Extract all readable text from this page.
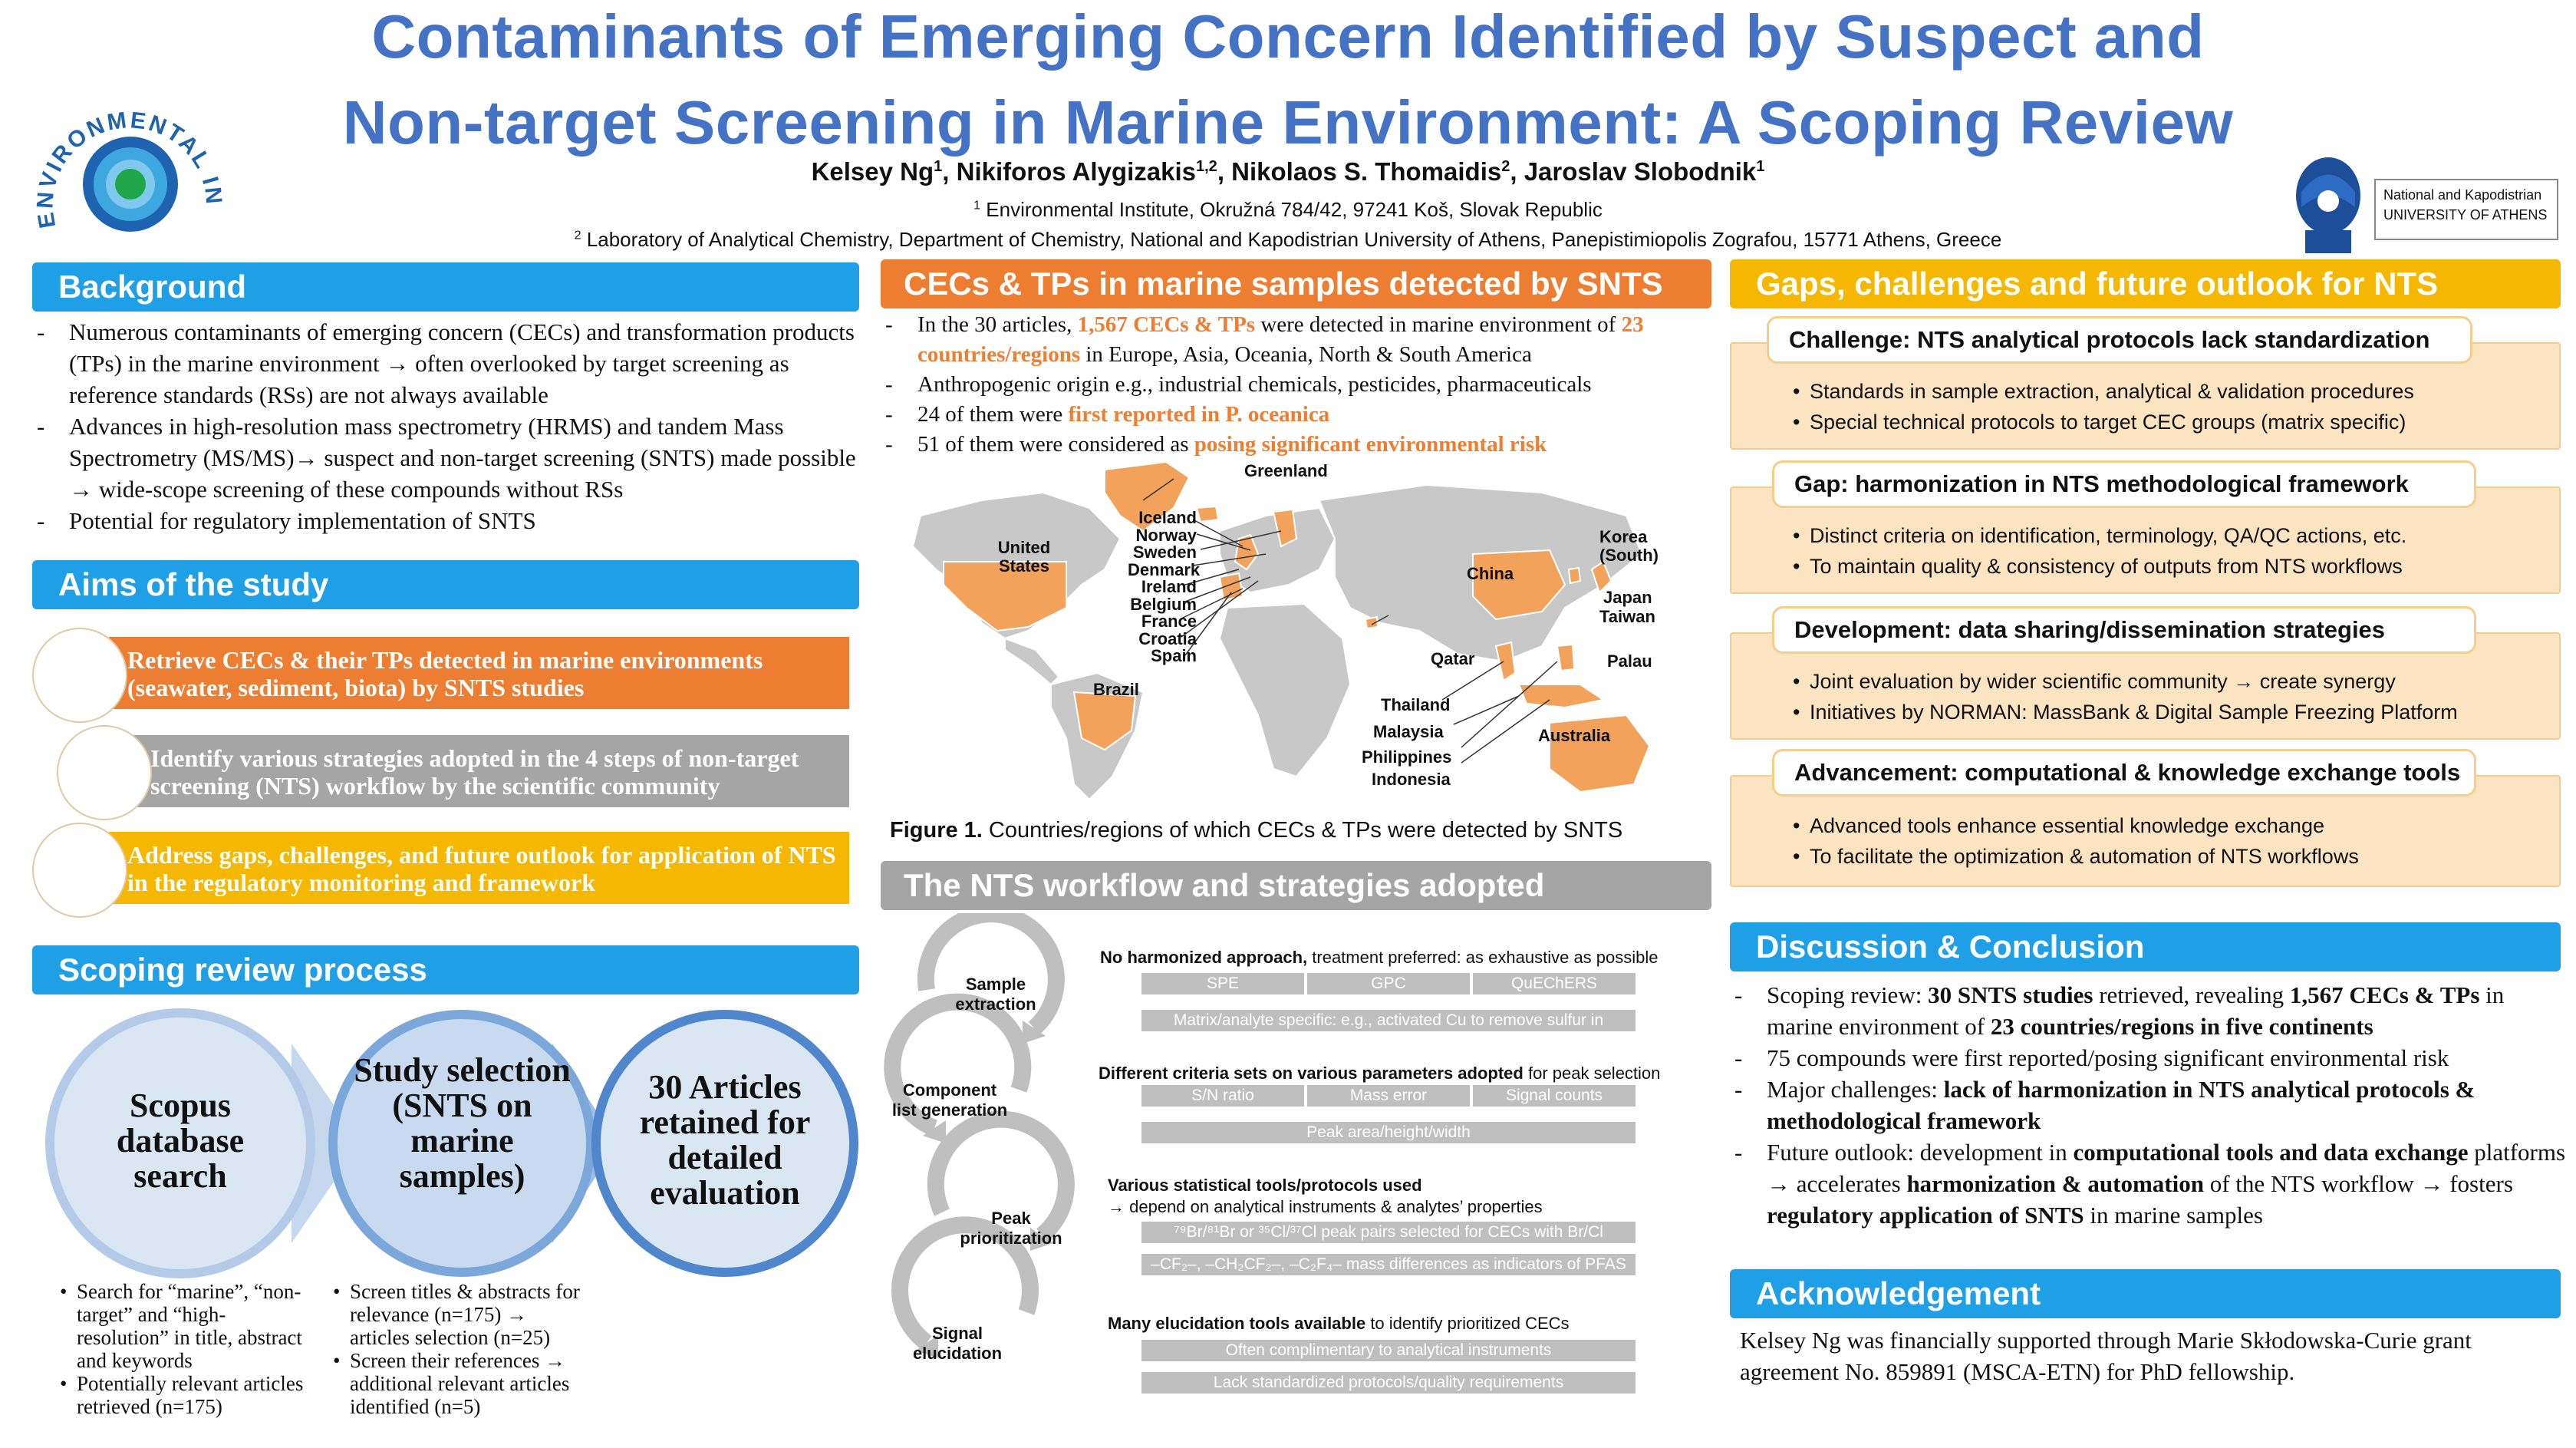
Contaminants of Emerging Concern Identified by Suspect and
Non-target Screening in Marine Environment: A Scoping Review
Kelsey Ng$^1$, Nikiforos Alygizakis$^{1,2}$, Nikolaos S. Thomaidis$^2$, Jaroslav Slobodnik$^1$
$^1$ Environmental Institute, Okružná 784/42, 97241 Koš, Slovak Republic
$^2$ Laboratory of Analytical Chemistry, Department of Chemistry, National and Kapodistrian University of Athens, Panepistimiopolis Zografou, 15771 Athens, Greece
ENVIRONMENTAL IN	National and Kapodistrian
UNIVERSITY OF ATHENS
Background
- Numerous contaminants of emerging concern (CECs) and transformation products (TPs) in the marine environment → often overlooked by target screening as reference standards (RSs) are not always available
- Advances in high-resolution mass spectrometry (HRMS) and tandem Mass Spectrometry (MS/MS)→ suspect and non-target screening (SNTS) made possible → wide-scope screening of these compounds without RSs
- Potential for regulatory implementation of SNTS
Aims of the study
Retrieve CECs & their TPs detected in marine environments (seawater, sediment, biota) by SNTS studies
Identify various strategies adopted in the 4 steps of non-target screening (NTS) workflow by the scientific community
Address gaps, challenges, and future outlook for application of NTS in the regulatory monitoring and framework
Scoping review process
Scopus database search
Study selection (SNTS on marine samples)
30 Articles retained for detailed evaluation
• Search for “marine”, “non-target” and “high-resolution” in title, abstract and keywords
• Potentially relevant articles retrieved (n=175)
• Screen titles & abstracts for relevance (n=175) → articles selection (n=25)
• Screen their references → additional relevant articles identified (n=5)
CECs & TPs in marine samples detected by SNTS
- In the 30 articles, 1,567 CECs & TPs were detected in marine environment of 23 countries/regions in Europe, Asia, Oceania, North & South America
- Anthropogenic origin e.g., industrial chemicals, pesticides, pharmaceuticals
- 24 of them were first reported in P. oceanica
- 51 of them were considered as posing significant environmental risk
Greenland
United States
Iceland
Norway
Sweden
Denmark
Ireland
Belgium
France
Croatia
Spain
Brazil
China
Korea (South)
Japan
Taiwan
Qatar	Palau
Thailand
Malaysia
Philippines
Indonesia
Australia
Figure 1. Countries/regions of which CECs & TPs were detected by SNTS
The NTS workflow and strategies adopted
Sample extraction
Component list generation
Peak prioritization
Signal elucidation
No harmonized approach, treatment preferred: as exhaustive as possible
SPE	GPC	QuEChERS
Matrix/analyte specific: e.g., activated Cu to remove sulfur in sediment
Different criteria sets on various parameters adopted for peak selection
S/N ratio	Mass error	Signal counts
Peak area/height/width
Various statistical tools/protocols used
→ depend on analytical instruments & analytes’ properties
⁷⁹Br/⁸¹Br or ³⁵Cl/³⁷Cl peak pairs selected for CECs with Br/Cl
–CF₂–, –CH₂CF₂–, –C₂F₄– mass differences as indicators of PFAS
Many elucidation tools available to identify prioritized CECs
Often complimentary to analytical instruments
Lack standardized protocols/quality requirements
Gaps, challenges and future outlook for NTS
• Standards in sample extraction, analytical & validation procedures
• Special technical protocols to target CEC groups (matrix specific)
Challenge: NTS analytical protocols lack standardization
• Distinct criteria on identification, terminology, QA/QC actions, etc.
• To maintain quality & consistency of outputs from NTS workflows
Gap: harmonization in NTS methodological framework
• Joint evaluation by wider scientific community → create synergy
• Initiatives by NORMAN: MassBank & Digital Sample Freezing Platform
Development: data sharing/dissemination strategies
• Advanced tools enhance essential knowledge exchange
• To facilitate the optimization & automation of NTS workflows
Advancement: computational & knowledge exchange tools
Discussion & Conclusion
- Scoping review: 30 SNTS studies retrieved, revealing 1,567 CECs & TPs in marine environment of 23 countries/regions in five continents
- 75 compounds were first reported/posing significant environmental risk
- Major challenges: lack of harmonization in NTS analytical protocols & methodological framework
- Future outlook: development in computational tools and data exchange platforms → accelerates harmonization & automation of the NTS workflow → fosters regulatory application of SNTS in marine samples
Acknowledgement
Kelsey Ng was financially supported through Marie Skłodowska-Curie grant agreement No. 859891 (MSCA-ETN) for PhD fellowship.
